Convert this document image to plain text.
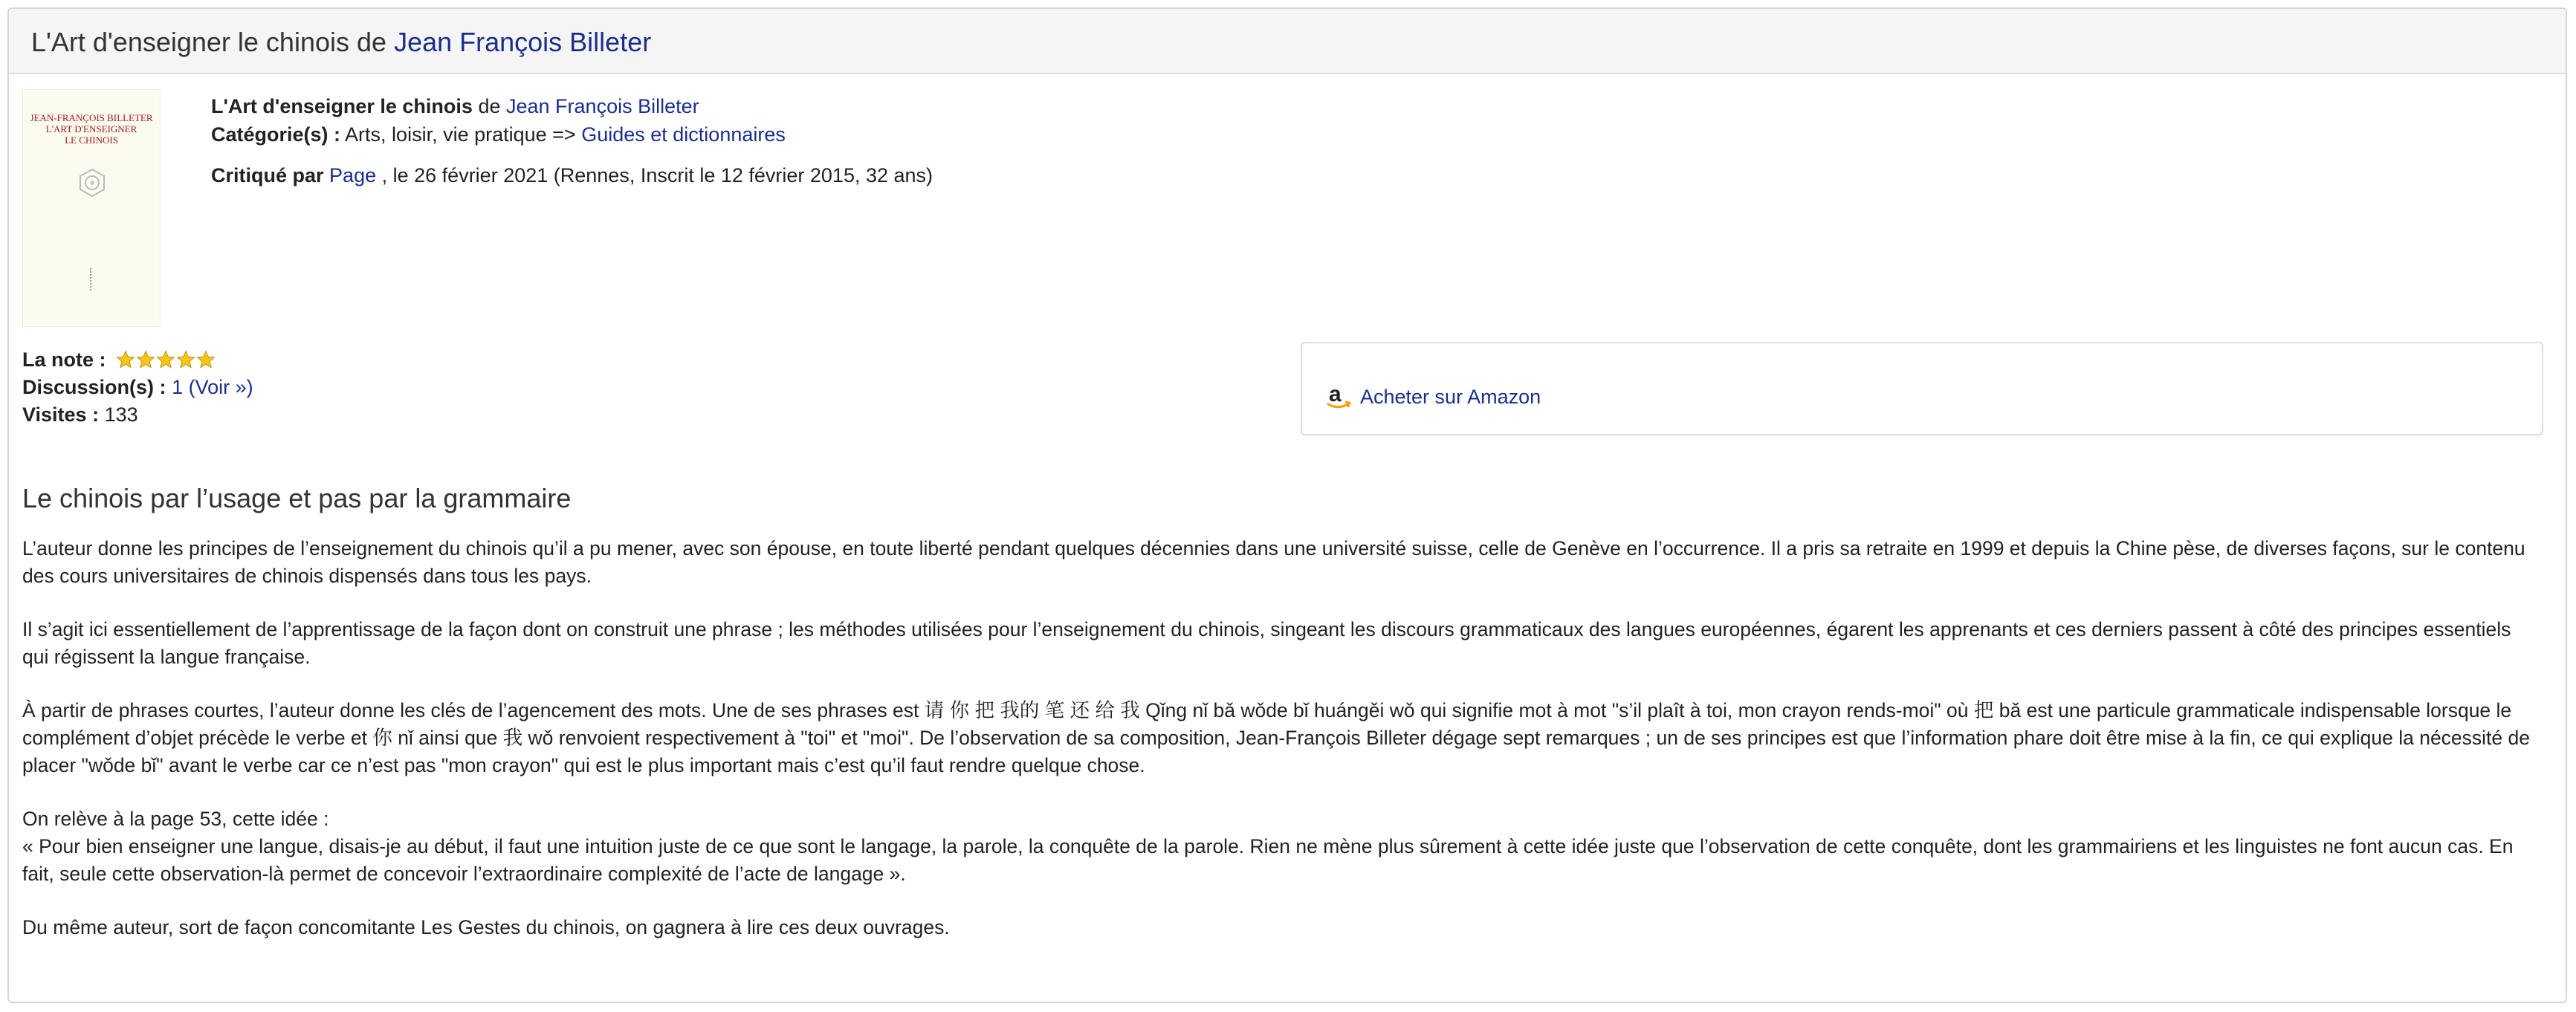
L'Art d'enseigner le chinois de Jean François Billeter
JEAN-FRANÇOIS BILLETER
L'ART D'ENSEIGNER
LE CHINOIS
L'Art d'enseigner le chinois de Jean François Billeter
Catégorie(s) : Arts, loisir, vie pratique => Guides et dictionnaires
Critiqué par Page , le 26 février 2021 (Rennes, Inscrit le 12 février 2015, 32 ans)
La note :
Discussion(s) : 1 (Voir »)
Visites : 133
a Acheter sur Amazon
Le chinois par l’usage et pas par la grammaire

L’auteur donne les principes de l’enseignement du chinois qu’il a pu mener, avec son épouse, en toute liberté pendant quelques décennies dans une université suisse, celle de Genève en l’occurrence. Il a pris sa retraite en 1999 et depuis la Chine pèse, de diverses façons, sur le contenu des cours universitaires de chinois dispensés dans tous les pays.

Il s’agit ici essentiellement de l’apprentissage de la façon dont on construit une phrase ; les méthodes utilisées pour l’enseignement du chinois, singeant les discours grammaticaux des langues européennes, égarent les apprenants et ces derniers passent à côté des principes essentiels qui régissent la langue française.

À partir de phrases courtes, l’auteur donne les clés de l’agencement des mots. Une de ses phrases est 请 你 把 我的 笔 还 给 我 Qǐng nǐ bǎ wǒde bǐ huángěi wǒ qui signifie mot à mot "s’il plaît à toi, mon crayon rends-moi" où 把 bǎ est une particule grammaticale indispensable lorsque le complément d’objet précède le verbe et 你 nǐ ainsi que 我 wǒ renvoient respectivement à "toi" et "moi". De l’observation de sa composition, Jean-François Billeter dégage sept remarques ; un de ses principes est que l’information phare doit être mise à la fin, ce qui explique la nécessité de placer "wǒde bǐ" avant le verbe car ce n’est pas "mon crayon" qui est le plus important mais c’est qu’il faut rendre quelque chose.

On relève à la page 53, cette idée :

« Pour bien enseigner une langue, disais-je au début, il faut une intuition juste de ce que sont le langage, la parole, la conquête de la parole. Rien ne mène plus sûrement à cette idée juste que l’observation de cette conquête, dont les grammairiens et les linguistes ne font aucun cas. En fait, seule cette observation-là permet de concevoir l’extraordinaire complexité de l’acte de langage ».

Du même auteur, sort de façon concomitante Les Gestes du chinois, on gagnera à lire ces deux ouvrages.
